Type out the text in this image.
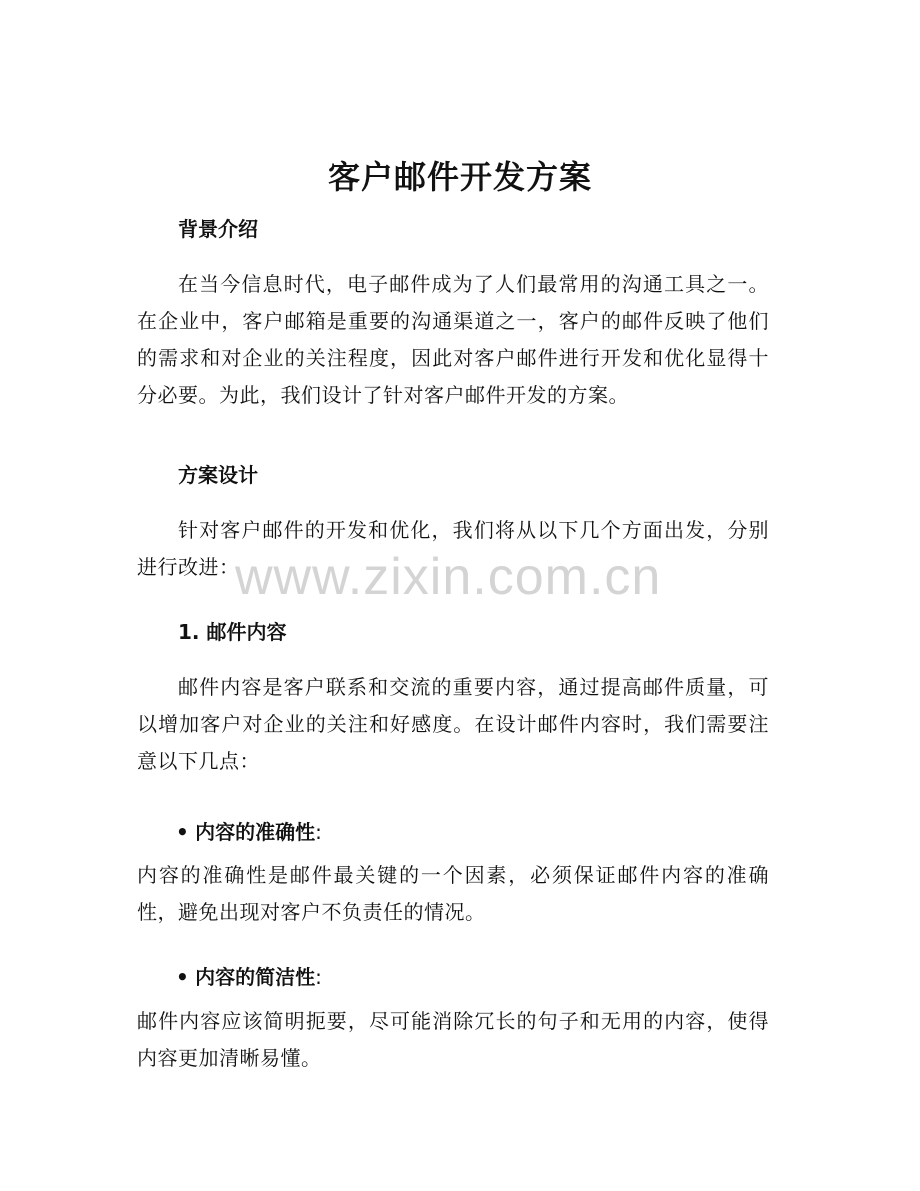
客户邮件开发方案
背景介绍
在当今信息时代，电子邮件成为了人们最常用的沟通工具之一。在企业中，客户邮箱是重要的沟通渠道之一，客户的邮件反映了他们的需求和对企业的关注程度，因此对客户邮件进行开发和优化显得十分必要。为此，我们设计了针对客户邮件开发的方案。
方案设计
针对客户邮件的开发和优化，我们将从以下几个方面出发，分别进行改进：
1. 邮件内容
邮件内容是客户联系和交流的重要内容，通过提高邮件质量，可以增加客户对企业的关注和好感度。在设计邮件内容时，我们需要注意以下几点：
• 内容的准确性:
内容的准确性是邮件最关键的一个因素，必须保证邮件内容的准确性，避免出现对客户不负责任的情况。
• 内容的简洁性:
邮件内容应该简明扼要，尽可能消除冗长的句子和无用的内容，使得内容更加清晰易懂。
www.zixin.com.cn
